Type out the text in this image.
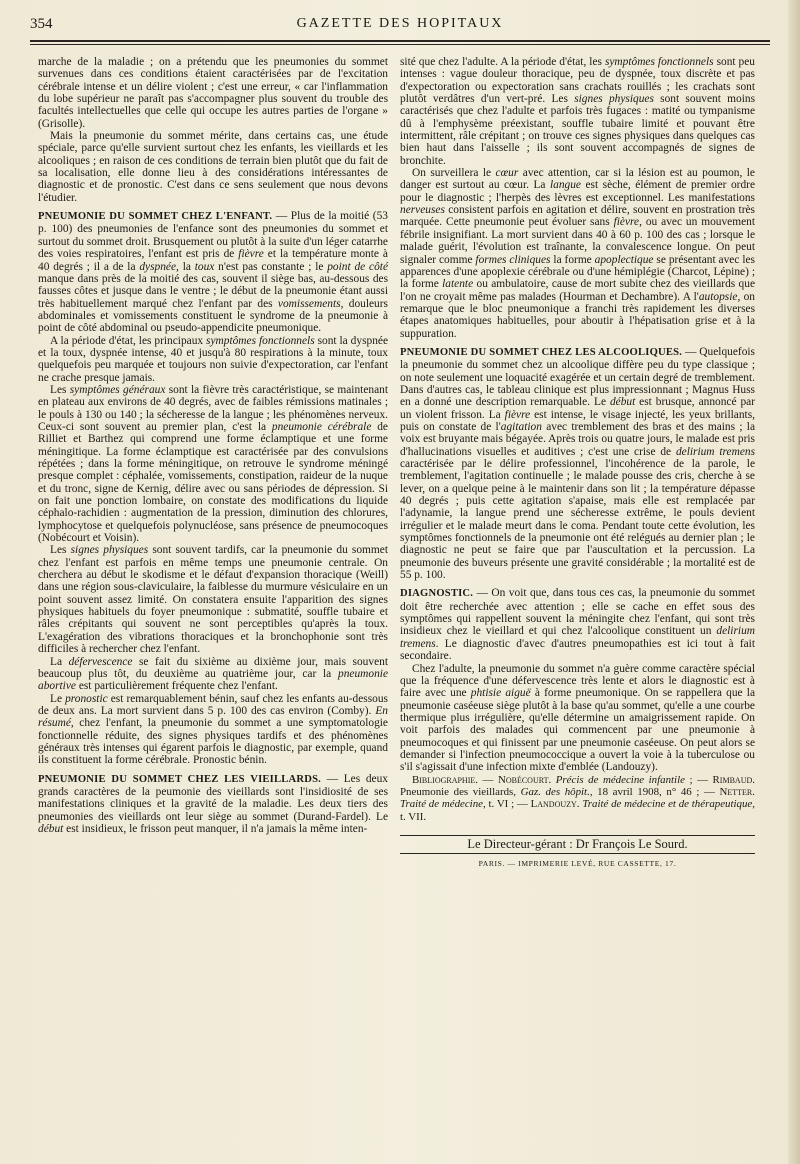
354	GAZETTE DES HOPITAUX

marche de la maladie ; on a prétendu que les pneumonies du sommet survenues dans ces conditions étaient caractérisées par de l'excitation cérébrale intense et un délire violent ; c'est une erreur, « car l'inflammation du lobe supérieur ne paraît pas s'accompagner plus souvent du trouble des facultés intellectuelles que celle qui occupe les autres parties de l'organe » (Grisolle).

Mais la pneumonie du sommet mérite, dans certains cas, une étude spéciale, parce qu'elle survient surtout chez les enfants, les vieillards et les alcooliques ; en raison de ces conditions de terrain bien plutôt que du fait de sa localisation, elle donne lieu à des considérations intéressantes de diagnostic et de pronostic. C'est dans ce sens seulement que nous devons l'étudier.

PNEUMONIE DU SOMMET CHEZ L'ENFANT. — Plus de la moitié (53 p. 100) des pneumonies de l'enfance sont des pneumonies du sommet et surtout du sommet droit. Brusquement ou plutôt à la suite d'un léger catarrhe des voies respiratoires, l'enfant est pris de fièvre et la température monte à 40 degrés ; il a de la dyspnée, la toux n'est pas constante ; le point de côté manque dans près de la moitié des cas, souvent il siège bas, au-dessous des fausses côtes et jusque dans le ventre ; le début de la pneumonie étant aussi très habituellement marqué chez l'enfant par des vomissements, douleurs abdominales et vomissements constituent le syndrome de la pneumonie à point de côté abdominal ou pseudo-appendicite pneumonique.

A la période d'état, les principaux symptômes fonctionnels sont la dyspnée et la toux, dyspnée intense, 40 et jusqu'à 80 respirations à la minute, toux quelquefois peu marquée et toujours non suivie d'expectoration, car l'enfant ne crache presque jamais.

Les symptômes généraux sont la fièvre très caractéristique, se maintenant en plateau aux environs de 40 degrés, avec de faibles rémissions matinales ; le pouls à 130 ou 140 ; la sécheresse de la langue ; les phénomènes nerveux. Ceux-ci sont souvent au premier plan, c'est la pneumonie cérébrale de Rilliet et Barthez qui comprend une forme éclamptique et une forme méningitique. La forme éclamptique est caractérisée par des convulsions répétées ; dans la forme méningitique, on retrouve le syndrome méningé presque complet : céphalée, vomissements, constipation, raideur de la nuque et du tronc, signe de Kernig, délire avec ou sans périodes de dépression. Si on fait une ponction lombaire, on constate des modifications du liquide céphalo-rachidien : augmentation de la pression, diminution des chlorures, lymphocytose et quelquefois polynucléose, sans présence de pneumocoques (Nobécourt et Voisin).

Les signes physiques sont souvent tardifs, car la pneumonie du sommet chez l'enfant est parfois en même temps une pneumonie centrale. On cherchera au début le skodisme et le défaut d'expansion thoracique (Weill) dans une région sous-claviculaire, la faiblesse du murmure vésiculaire en un point souvent assez limité. On constatera ensuite l'apparition des signes physiques habituels du foyer pneumonique : submatité, souffle tubaire et râles crépitants qui souvent ne sont perceptibles qu'après la toux. L'exagération des vibrations thoraciques et la bronchophonie sont très difficiles à rechercher chez l'enfant.

La défervescence se fait du sixième au dixième jour, mais souvent beaucoup plus tôt, du deuxième au quatrième jour, car la pneumonie abortive est particulièrement fréquente chez l'enfant.

Le pronostic est remarquablement bénin, sauf chez les enfants au-dessous de deux ans. La mort survient dans 5 p. 100 des cas environ (Comby). En résumé, chez l'enfant, la pneumonie du sommet a une symptomatologie fonctionnelle réduite, des signes physiques tardifs et des phénomènes généraux très intenses qui égarent parfois le diagnostic, par exemple, quand ils constituent la forme cérébrale. Pronostic bénin.

PNEUMONIE DU SOMMET CHEZ LES VIEILLARDS. — Les deux grands caractères de la peumonie des vieillards sont l'insidiosité de ses manifestations cliniques et la gravité de la maladie. Les deux tiers des pneumonies des vieillards ont leur siège au sommet (Durand-Fardel). Le début est insidieux, le frisson peut manquer, il n'a jamais la même inten-

sité que chez l'adulte. A la période d'état, les symptômes fonctionnels sont peu intenses : vague douleur thoracique, peu de dyspnée, toux discrète et pas d'expectoration ou expectoration sans crachats rouillés ; les crachats sont plutôt verdâtres d'un vert-pré. Les signes physiques sont souvent moins caractérisés que chez l'adulte et parfois très fugaces : matité ou tympanisme dû à l'emphysème préexistant, souffle tubaire limité et pouvant être intermittent, râle crépitant ; on trouve ces signes physiques dans quelques cas bien haut dans l'aisselle ; ils sont souvent accompagnés de signes de bronchite.

On surveillera le cœur avec attention, car si la lésion est au poumon, le danger est surtout au cœur. La langue est sèche, élément de premier ordre pour le diagnostic ; l'herpès des lèvres est exceptionnel. Les manifestations nerveuses consistent parfois en agitation et délire, souvent en prostration très marquée. Cette pneumonie peut évoluer sans fièvre, ou avec un mouvement fébrile insignifiant. La mort survient dans 40 à 60 p. 100 des cas ; lorsque le malade guérit, l'évolution est traînante, la convalescence longue. On peut signaler comme formes cliniques la forme apoplectique se présentant avec les apparences d'une apoplexie cérébrale ou d'une hémiplégie (Charcot, Lépine) ; la forme latente ou ambulatoire, cause de mort subite chez des vieillards que l'on ne croyait même pas malades (Hourman et Dechambre). A l'autopsie, on remarque que le bloc pneumonique a franchi très rapidement les diverses étapes anatomiques habituelles, pour aboutir à l'hépatisation grise et à la suppuration.

PNEUMONIE DU SOMMET CHEZ LES ALCOOLIQUES. — Quelquefois la pneumonie du sommet chez un alcoolique diffère peu du type classique ; on note seulement une loquacité exagérée et un certain degré de tremblement. Dans d'autres cas, le tableau clinique est plus impressionnant ; Magnus Huss en a donné une description remarquable. Le début est brusque, annoncé par un violent frisson. La fièvre est intense, le visage injecté, les yeux brillants, puis on constate de l'agitation avec tremblement des bras et des mains ; la voix est bruyante mais bégayée. Après trois ou quatre jours, le malade est pris d'hallucinations visuelles et auditives ; c'est une crise de delirium tremens caractérisée par le délire professionnel, l'incohérence de la parole, le tremblement, l'agitation continuelle ; le malade pousse des cris, cherche à se lever, on a quelque peine à le maintenir dans son lit ; la température dépasse 40 degrés ; puis cette agitation s'apaise, mais elle est remplacée par l'adynamie, la langue prend une sécheresse extrême, le pouls devient irrégulier et le malade meurt dans le coma. Pendant toute cette évolution, les symptômes fonctionnels de la pneumonie ont été relégués au dernier plan ; le diagnostic ne peut se faire que par l'auscultation et la percussion. La pneumonie des buveurs présente une gravité considérable ; la mortalité est de 55 p. 100.

DIAGNOSTIC. — On voit que, dans tous ces cas, la pneumonie du sommet doit être recherchée avec attention ; elle se cache en effet sous des symptômes qui rappellent souvent la méningite chez l'enfant, qui sont très insidieux chez le vieillard et qui chez l'alcoolique constituent un delirium tremens. Le diagnostic d'avec d'autres pneumopathies est ici tout à fait secondaire.

Chez l'adulte, la pneumonie du sommet n'a guère comme caractère spécial que la fréquence d'une défervescence très lente et alors le diagnostic est à faire avec une phtisie aiguë à forme pneumonique. On se rappellera que la pneumonie caséeuse siège plutôt à la base qu'au sommet, qu'elle a une courbe thermique plus irrégulière, qu'elle détermine un amaigrissement rapide. On voit parfois des malades qui commencent par une pneumonie à pneumocoques et qui finissent par une pneumonie caséeuse. On peut alors se demander si l'infection pneumococcique a ouvert la voie à la tuberculose ou s'il s'agissait d'une infection mixte d'emblée (Landouzy).

Bibliographie. — Nobécourt. Précis de médecine infantile ; — Rimbaud. Pneumonie des vieillards, Gaz. des hôpit., 18 avril 1908, n° 46 ; — Netter. Traité de médecine, t. VI ; — Landouzy. Traité de médecine et de thérapeutique, t. VII.

Le Directeur-gérant : Dr François Le Sourd.
PARIS. — IMPRIMERIE LEVÉ, RUE CASSETTE, 17.
